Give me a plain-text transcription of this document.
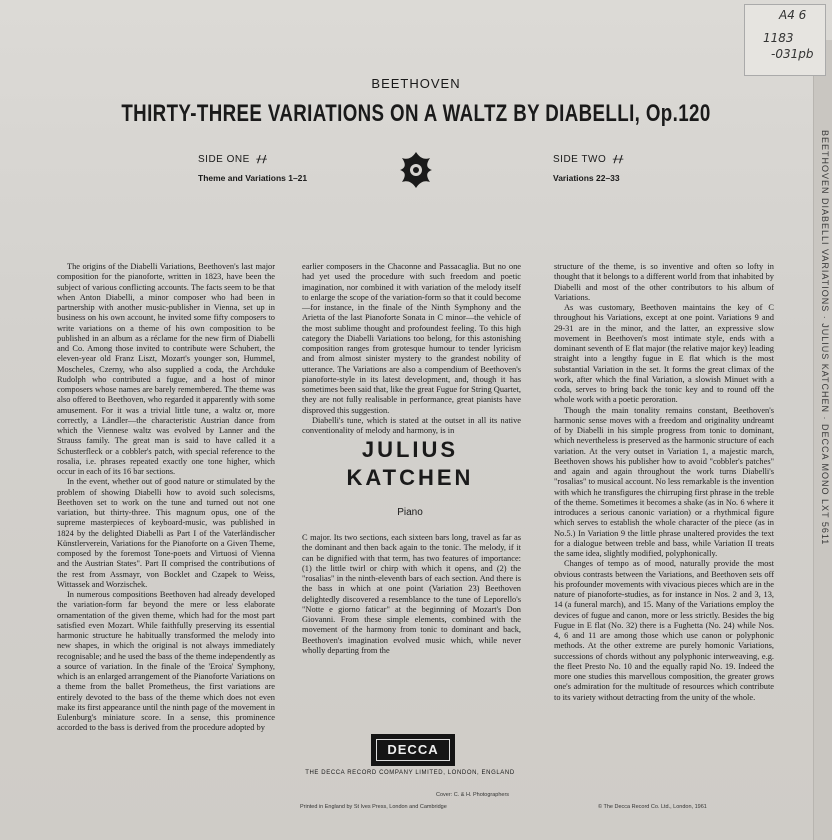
BEETHOVEN DIABELLI VARIATIONS · JULIUS KATCHEN · DECCA MONO LXT 5611
A4 6
1183
-031pb
BEETHOVEN
THIRTY-THREE VARIATIONS ON A WALTZ BY DIABELLI, Op.120
SIDE ONE ᚋᚋ
Theme and Variations 1–21
SIDE TWO ᚋᚋ
Variations 22–33

The origins of the Diabelli Variations, Beethoven's last major composition for the pianoforte, written in 1823, have been the subject of various conflicting accounts. The facts seem to be that when Anton Diabelli, a minor composer who had been in partnership with another music-publisher in Vienna, set up in business on his own account, he invited some fifty composers to write variations on a theme of his own composition to be published in an album as a réclame for the new firm of Diabelli and Co. Among those invited to contribute were Schubert, the eleven-year old Franz Liszt, Mozart's younger son, Hummel, Moscheles, Czerny, who also supplied a coda, the Archduke Rudolph who contributed a fugue, and a host of minor composers whose names are barely remembered. The theme was also offered to Beethoven, who regarded it apparently with some amusement. For it was a trivial little tune, a waltz or, more correctly, a Ländler—the characteristic Austrian dance from which the Viennese waltz was evolved by Lanner and the Strauss family. The great man is said to have called it a Schusterfleck or a cobbler's patch, with special reference to the rosalia, i.e. phrases repeated exactly one tone higher, which occur in each of its 16 bar sections.

In the event, whether out of good nature or stimulated by the problem of showing Diabelli how to avoid such solecisms, Beethoven set to work on the tune and turned out not one variation, but thirty-three. This magnum opus, one of the supreme masterpieces of keyboard-music, was published in 1824 by the delighted Diabelli as Part I of the Vaterländischer Künstlerverein, Variations for the Pianoforte on a Given Theme, composed by the foremost Tone-poets and Virtuosi of Vienna and the Austrian States". Part II comprised the contributions of the rest from Assmayr, von Bocklet and Czapek to Weiss, Wittassek and Worzischek.

In numerous compositions Beethoven had already developed the variation-form far beyond the mere or less elaborate ornamentation of the given theme, which had for the most part satisfied even Mozart. While faithfully preserving its essential harmonic structure he habitually transformed the melody into new shapes, in which the original is not always immediately recognisable; and he used the bass of the theme independently as a source of variation. In the finale of the 'Eroica' Symphony, which is an enlarged arrangement of the Pianoforte Variations on a theme from the ballet Prometheus, the first variations are entirely devoted to the bass of the theme which does not even make its first appearance until the ninth page of the movement in Eulenburg's miniature score. In a sense, this prominence accorded to the bass is derived from the procedure adopted by

earlier composers in the Chaconne and Passacaglia. But no one had yet used the procedure with such freedom and poetic imagination, nor combined it with variation of the melody itself to enlarge the scope of the variation-form so that it could become—for instance, in the finale of the Ninth Symphony and the Arietta of the last Pianoforte Sonata in C minor—the vehicle of the most sublime thought and profoundest feeling. To this high category the Diabelli Variations too belong, for this astonishing composition ranges from grotesque humour to tender lyricism and from almost sinister mystery to the grandest nobility of utterance. The Variations are also a compendium of Beethoven's pianoforte-style in its latest development, and, though it has sometimes been said that, like the great Fugue for String Quartet, they are not fully realisable in performance, great pianists have disproved this suggestion.

Diabelli's tune, which is stated at the outset in all its native conventionality of melody and harmony, is in

JULIUS
KATCHEN
Piano

C major. Its two sections, each sixteen bars long, travel as far as the dominant and then back again to the tonic. The melody, if it can be dignified with that term, has two features of importance: (1) the little twirl or chirp with which it opens, and (2) the "rosalias" in the ninth-eleventh bars of each section. And there is the bass in which at one point (Variation 23) Beethoven delightedly discovered a resemblance to the tune of Leporello's "Notte e giorno faticar" at the beginning of Mozart's Don Giovanni. From these simple elements, combined with the movement of the harmony from tonic to dominant and back, Beethoven's imagination evolved music which, while never wholly departing from the

structure of the theme, is so inventive and often so lofty in thought that it belongs to a different world from that inhabited by Diabelli and most of the other contributors to his album of Variations.

As was customary, Beethoven maintains the key of C throughout his Variations, except at one point. Variations 9 and 29-31 are in the minor, and the latter, an expressive slow movement in Beethoven's most intimate style, ends with a dominant seventh of E flat major (the relative major key) leading straight into a lengthy fugue in E flat which is the most substantial Variation in the set. It forms the great climax of the work, after which the final Variation, a slowish Minuet with a coda, serves to bring back the tonic key and to round off the whole work with a poetic peroration.

Though the main tonality remains constant, Beethoven's harmonic sense moves with a freedom and originality undreamt of by Diabelli in his simple progress from tonic to dominant, which nevertheless is preserved as the harmonic structure of each variation. At the very outset in Variation 1, a majestic march, Beethoven shows his publisher how to avoid "cobbler's patches" and again and again throughout the work turns Diabelli's "rosalias" to musical account. No less remarkable is the invention with which he transfigures the chirruping first phrase in the treble of the theme. Sometimes it becomes a shake (as in No. 6 where it introduces a serious canonic variation) or a rhythmical figure which serves to establish the whole character of the piece (as in No.5.) In Variation 9 the little phrase unaltered provides the text for a dialogue between treble and bass, while Variation II treats the same idea, slightly modified, polyphonically.

Changes of tempo as of mood, naturally provide the most obvious contrasts between the Variations, and Beethoven sets off his profounder movements with vivacious pieces which are in the nature of pianoforte-studies, as for instance in Nos. 2 and 3, 13, 14 (a funeral march), and 15. Many of the Variations employ the devices of fugue and canon, more or less strictly. Besides the big Fugue in E flat (No. 32) there is a Fughetta (No. 24) while Nos. 4, 6 and 11 are among those which use canon or polyphonic methods. At the other extreme are purely homonic Variations, successions of chords without any polyphonic interweaving, e.g. the fleet Presto No. 10 and the equally rapid No. 19. Indeed the more one studies this marvellous composition, the greater grows one's admiration for the multitude of resources which contribute to its variety without detracting from the unity of the whole.

DECCA
THE DECCA RECORD COMPANY LIMITED, LONDON, ENGLAND
Cover: C. & H. Photographers
Printed in England by St Ives Press, London and Cambridge	© The Decca Record Co. Ltd., London, 1961
